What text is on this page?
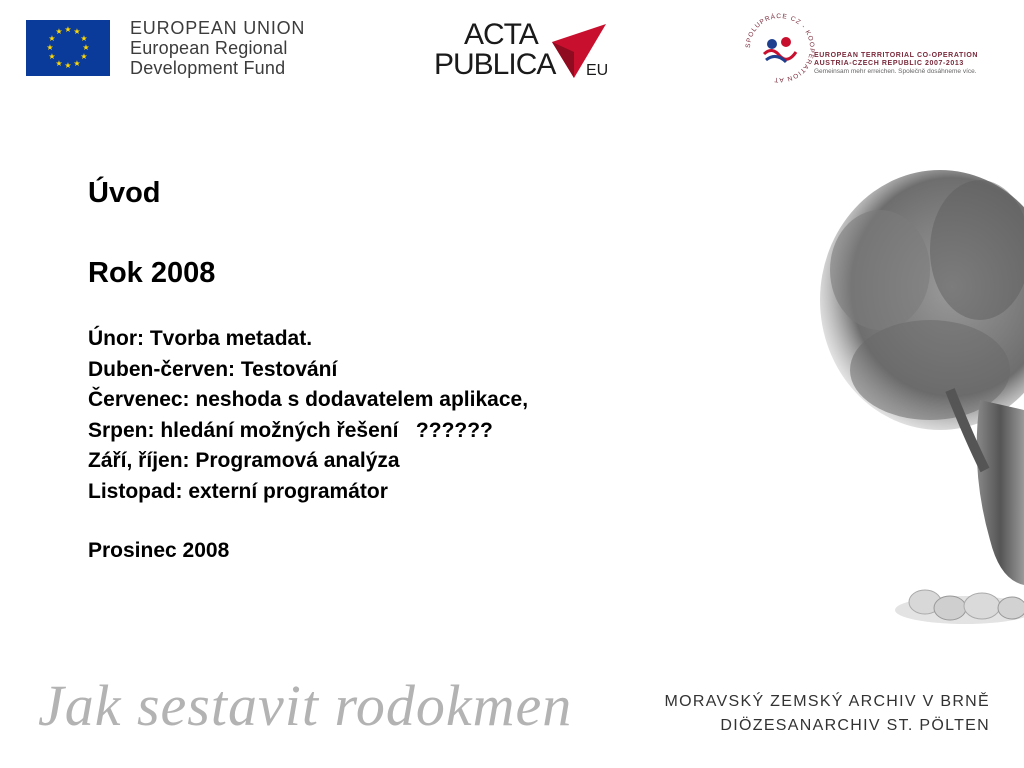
★ ★
★
★
★
★
★
★
★
★
★
★	EUROPEAN UNION
European Regional
Development Fund
ACTA
PUBLICA EU
SPOLUPRÁCE CZ - KOOPERATION AT
EUROPEAN TERRITORIAL CO-OPERATION
AUSTRIA-CZECH REPUBLIC 2007-2013
Gemeinsam mehr erreichen. Společně dosáhneme více.
Úvod
Rok 2008
Únor: Tvorba metadat.
Duben-červen: Testování
Červenec: neshoda s dodavatelem aplikace,
Srpen: hledání možných řešení   ??????
Září, říjen: Programová analýza
Listopad: externí programátor
Prosinec 2008
Jak sestavit rodokmen	MORAVSKÝ ZEMSKÝ ARCHIV V BRNĚ
DIÖZESANARCHIV ST. PÖLTEN
